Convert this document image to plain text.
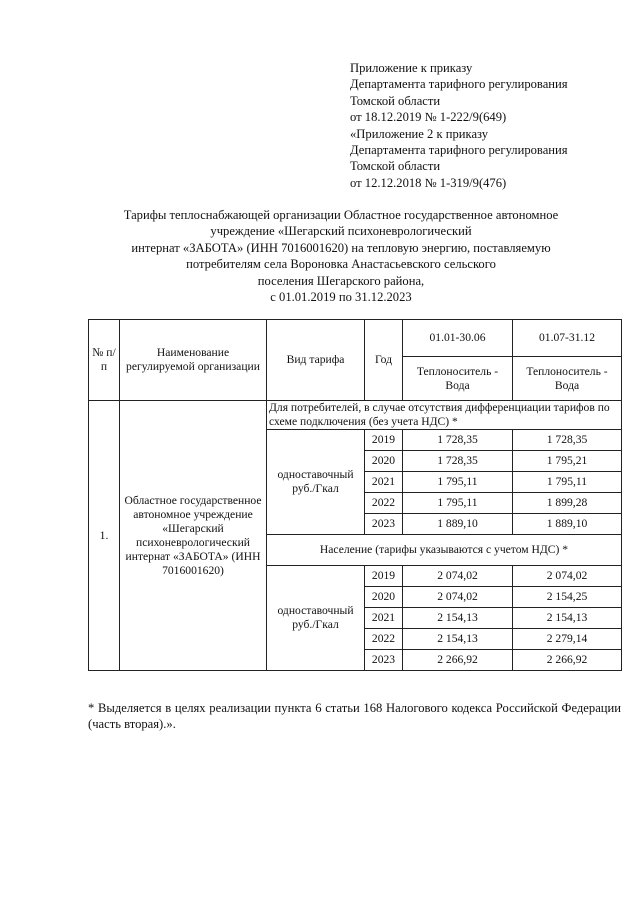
Приложение к приказу
Департамента тарифного регулирования
Томской области
от 18.12.2019 № 1-222/9(649)
«Приложение 2 к приказу
Департамента тарифного регулирования
Томской области
от 12.12.2018 № 1-319/9(476)
Тарифы теплоснабжающей организации Областное государственное автономное
учреждение «Шегарский психоневрологический
интернат «ЗАБОТА» (ИНН 7016001620) на тепловую энергию, поставляемую
потребителям села Вороновка Анастасьевского сельского
поселения Шегарского района,
с 01.01.2019 по 31.12.2023
№ п/п	Наименование регулируемой организации	Вид тарифа	Год	01.01-30.06	01.07-31.12
				Теплоноситель - Вода	Теплоноситель - Вода
1.	Областное государственное автономное учреждение «Шегарский психоневрологический интернат «ЗАБОТА» (ИНН 7016001620)	Для потребителей, в случае отсутствия дифференциации тарифов по схеме подключения (без учета НДС) *			
		одноставочный руб./Гкал	2019	1 728,35	1 728,35
			2020	1 728,35	1 795,21
			2021	1 795,11	1 795,11
			2022	1 795,11	1 899,28
			2023	1 889,10	1 889,10
		Население (тарифы указываются с учетом НДС) *			
		одноставочный руб./Гкал	2019	2 074,02	2 074,02
			2020	2 074,02	2 154,25
			2021	2 154,13	2 154,13
			2022	2 154,13	2 279,14
			2023	2 266,92	2 266,92
* Выделяется в целях реализации пункта 6 статьи 168 Налогового кодекса Российской Федерации (часть вторая).».
